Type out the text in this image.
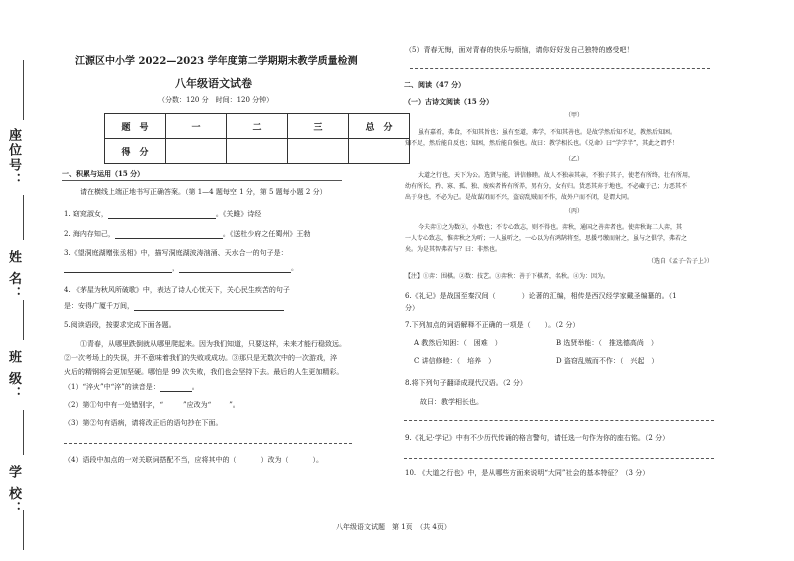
座位号：
姓 名：
班 级：
学 校：
江源区中小学 2022—2023 学年度第二学期期末教学质量检测
八年级语文试卷
（分数：120 分　时间：120 分钟）
题　号	一	二	三	总　分
得　分				
一、积累与运用（15 分）
请在横线上端正地书写正确答案。（第 1—4 题每空 1 分，第 5 题每小题 2 分）
1. 窈窕淑女，	。《关雎》诗经
2. 海内存知己，	。《送杜少府之任蜀州》王勃
3.《望洞庭湖赠张丞相》中，描写洞庭湖波涛汹涌、天水合一的句子是：
，	。
4. 《茅屋为秋风所破歌》中，表达了诗人心忧天下，关心民生疾苦的句子
是：安得广厦千万间，
5.阅读语段，按要求完成下面各题。
①青春，从哪里跌倒就从哪里爬起来。因为我们知道，只要这样，未来才能行稳致远。
②一次考场上的失误，并不意味着我们的失败或成功。③那只是无数次中的一次游戏，淬
火后的精钢将会更加坚硬。哪怕是 99 次失败，我们也会坚持下去。最后的人生更加精彩。
（1）“淬火”中“淬”的读音是：	。
（2）第①句中有一处错别字，“	”应改为“	”。
（3）第②句有语病，请将改正后的语句抄在下面。
（4）语段中加点的一对关联词搭配不当，应将其中的（	）改为（	）。
（5）青春无悔，面对青春的快乐与烦恼，请你好好发自己独特的感受吧！
二、阅读（47 分）
（一）古诗文阅读（15 分）
（甲）
虽有嘉肴，弗食，不知其旨也；虽有至道，弗学，不知其善也。是故学然后知不足，教然后知困。
知不足，然后能自反也；知困，然后能自强也。故曰：教学相长也。《兑命》曰“学学半”，其此之谓乎！
（乙）
大道之行也，天下为公。选贤与能，讲信修睦。故人不独亲其亲，不独子其子，使老有所终，壮有所用，
幼有所长，矜、寡、孤、独、废疾者皆有所养，男有分，女有归。货恶其弃于地也，不必藏于己；力恶其不
出于身也，不必为己。是故谋闭而不兴，盗窃乱贼而不作，故外户而不闭，是谓大同。
（丙）
今夫弈①之为数②，小数也；不专心致志，则不得也。弈秋，通国之善弈者也。使弈秋诲二人弈，其
一人专心致志，惟弈秋之为听；一人虽听之，一心以为有鸿鹄将至，思援弓缴而射之，虽与之俱学，弗若之
矣。为是其智弗若与？曰：非然也。
（选自《孟子·告子上》）
【注】①弈：围棋。②数：技艺。③弈秋：善于下棋者，名秋。④为：因为。
6.《礼记》是战国至秦汉间（	）论著的汇编，相传是西汉经学家戴圣编纂的。（1
分）
7.下列加点的词语解释不正确的一项是（　　）。（2 分）
A 教然后知困：（　困难　）	B 选贤举能：（　推选德高尚　）
C 讲信修睦：（　培养　）	D 盗窃乱贼而不作：（　兴起　）
8.将下列句子翻译成现代汉语。（2 分）
故曰：教学相长也。
9.《礼记·学记》中有不少历代传诵的格言警句，请任选一句作为你的座右铭。（2 分）
10. 《大道之行也》中，是从哪些方面来说明“大同”社会的基本特征？（3 分）
八年级语文试题　第 1页　（共 4页）
